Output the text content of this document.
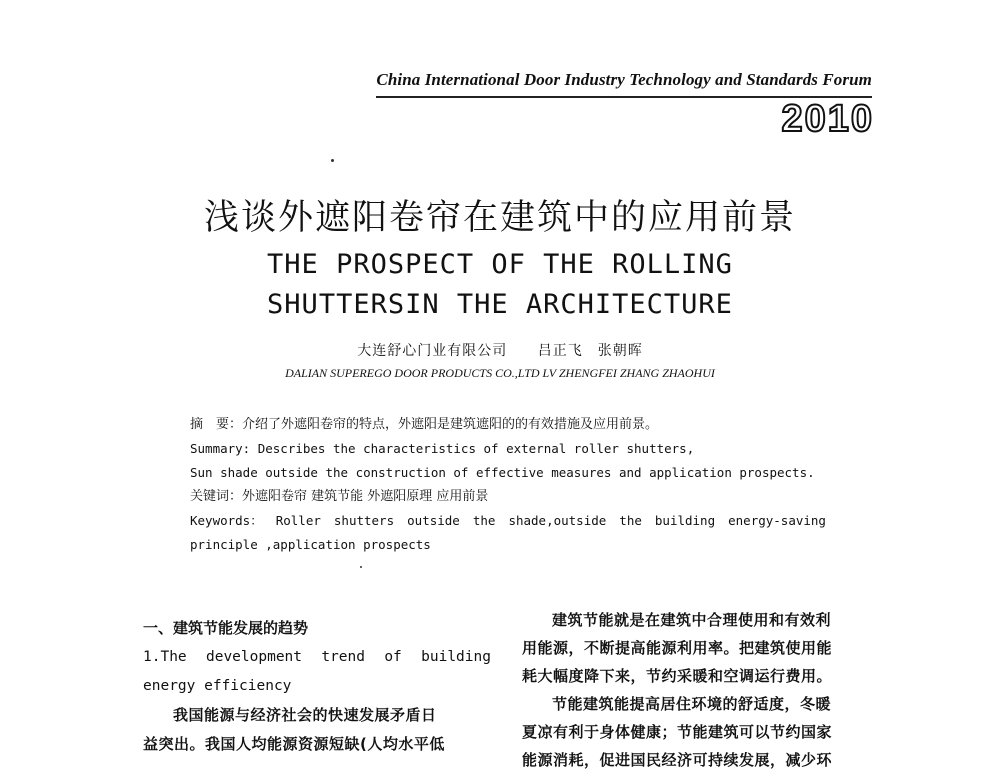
China International Door Industry Technology and Standards Forum
2010
浅谈外遮阳卷帘在建筑中的应用前景
THE PROSPECT OF THE ROLLING
SHUTTERSIN THE ARCHITECTURE
大连舒心门业有限公司　 吕正飞　张朝晖
DALIAN SUPEREGO DOOR PRODUCTS CO.,LTD LV ZHENGFEI ZHANG ZHAOHUI
摘　要：介绍了外遮阳卷帘的特点，外遮阳是建筑遮阳的的有效措施及应用前景。
Summary: Describes the characteristics of external roller shutters,
Sun shade outside the construction of effective measures and application prospects.
关键词：外遮阳卷帘 建筑节能 外遮阳原理 应用前景
Keywords： Roller shutters outside the shade,outside the building energy-saving
principle ,application prospects

一、建筑节能发展的趋势

1.The development trend of building

energy efficiency

我国能源与经济社会的快速发展矛盾日

益突出。我国人均能源资源短缺(人均水平低

建筑节能就是在建筑中合理使用和有效利

用能源，不断提高能源利用率。把建筑使用能

耗大幅度降下来，节约采暖和空调运行费用。

节能建筑能提高居住环境的舒适度，冬暖

夏凉有利于身体健康；节能建筑可以节约国家

能源消耗，促进国民经济可持续发展，减少环
